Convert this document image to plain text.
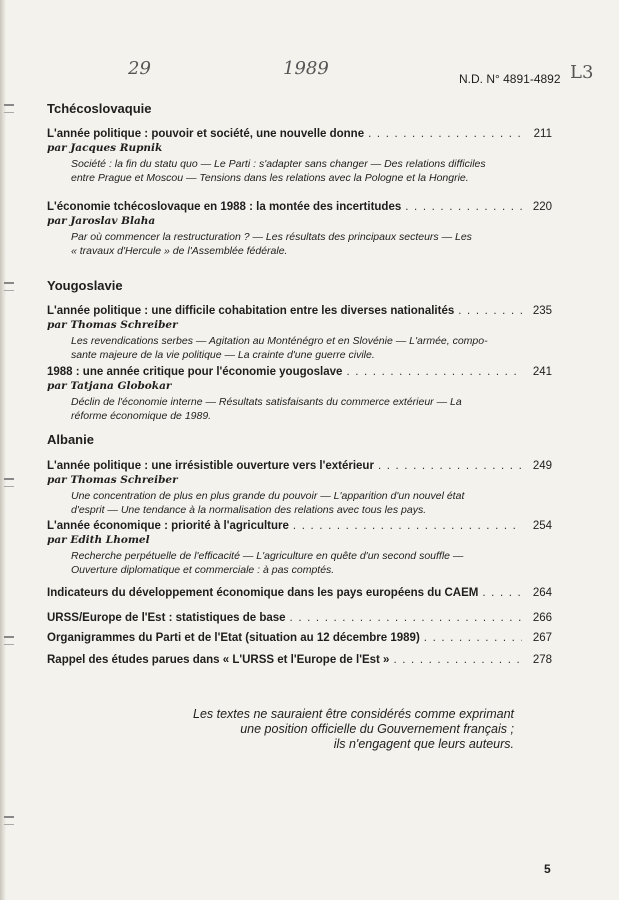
29	1989	L3
N.D. N° 4891-4892
Tchécoslovaquie
L'année politique : pouvoir et société, une nouvelle donne . . .	211
par Jacques Rupnik
Société : la fin du statu quo — Le Parti : s'adapter sans changer — Des relations difficiles
entre Prague et Moscou — Tensions dans les relations avec la Pologne et la Hongrie.
L'économie tchécoslovaque en 1988 : la montée des incertitudes . . .	220
par Jaroslav Blaha
Par où commencer la restructuration ? — Les résultats des principaux secteurs — Les
« travaux d'Hercule » de l'Assemblée fédérale.
Yougoslavie
L'année politique : une difficile cohabitation entre les diverses nationalités . . .	235
par Thomas Schreiber
Les revendications serbes — Agitation au Monténégro et en Slovénie — L'armée, compo-
sante majeure de la vie politique — La crainte d'une guerre civile.
1988 : une année critique pour l'économie yougoslave . . .	241
par Tatjana Globokar
Déclin de l'économie interne — Résultats satisfaisants du commerce extérieur — La
réforme économique de 1989.
Albanie
L'année politique : une irrésistible ouverture vers l'extérieur . . .	249
par Thomas Schreiber
Une concentration de plus en plus grande du pouvoir — L'apparition d'un nouvel état
d'esprit — Une tendance à la normalisation des relations avec tous les pays.
L'année économique : priorité à l'agriculture . . .	254
par Edith Lhomel
Recherche perpétuelle de l'efficacité — L'agriculture en quête d'un second souffle —
Ouverture diplomatique et commerciale : à pas comptés.
Indicateurs du développement économique dans les pays européens du CAEM . . .	264
URSS/Europe de l'Est : statistiques de base . . .	266
Organigrammes du Parti et de l'Etat (situation au 12 décembre 1989) . . .	267
Rappel des études parues dans « L'URSS et l'Europe de l'Est » . . .	278
Les textes ne sauraient être considérés comme exprimant
une position officielle du Gouvernement français ;
ils n'engagent que leurs auteurs.
5
